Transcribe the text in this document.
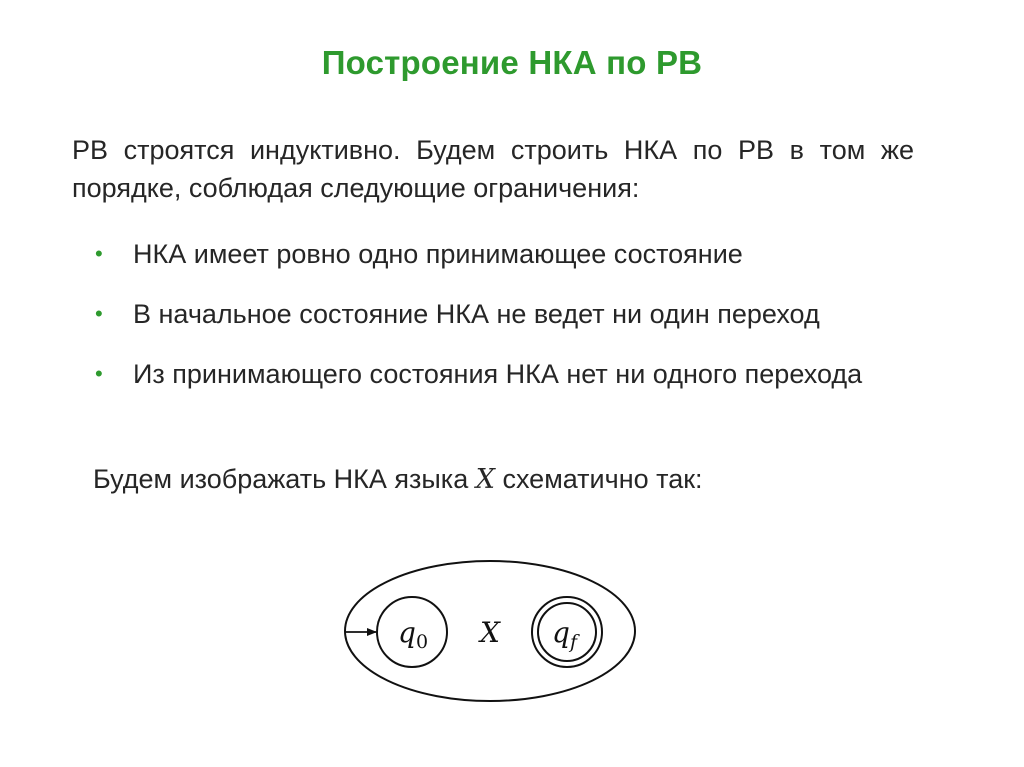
Построение НКА по РВ
РВ строятся индуктивно. Будем строить НКА по РВ в том же порядке, соблюдая следующие ограничения:
• НКА имеет ровно одно принимающее состояние
• В начальное состояние НКА не ведет ни один переход
• Из принимающего состояния НКА нет ни одного перехода
Будем изображать НКА языка X схематично так:
$q_0$ X $q_f$
